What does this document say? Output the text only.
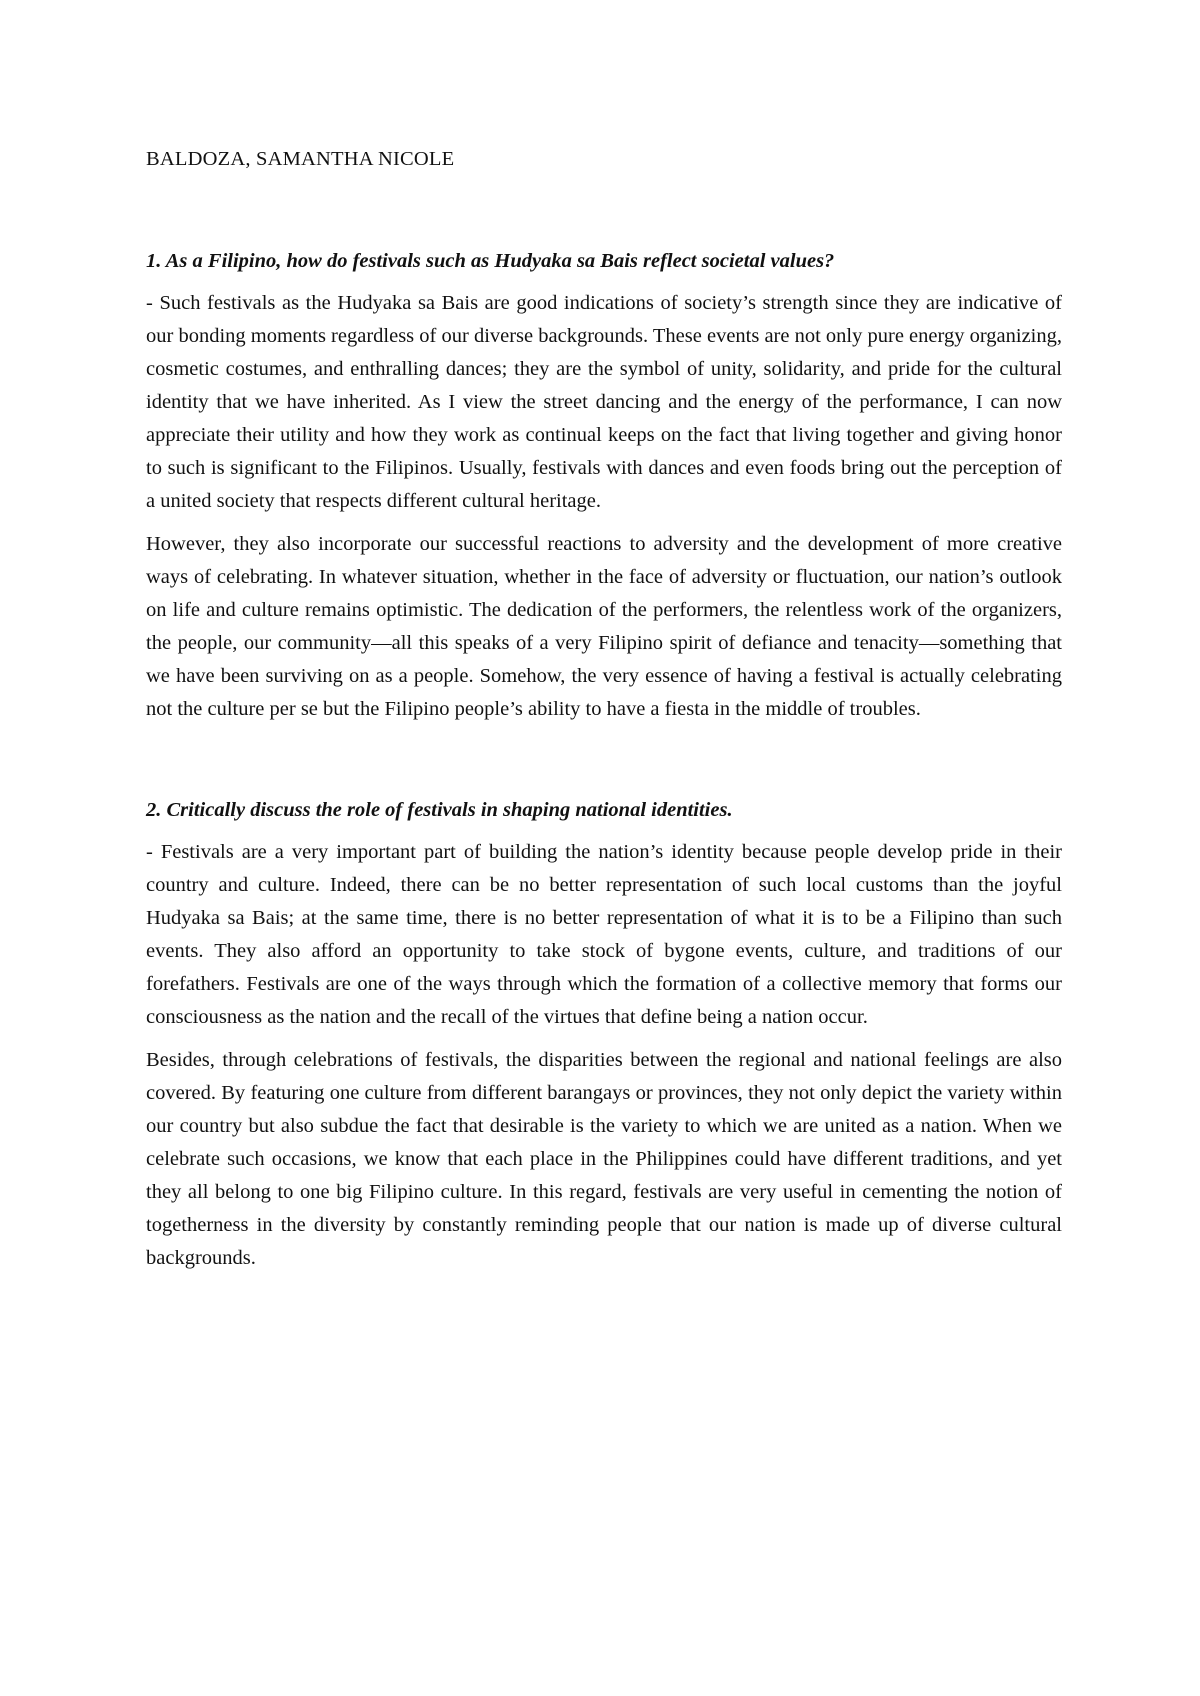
BALDOZA, SAMANTHA NICOLE

1. As a Filipino, how do festivals such as Hudyaka sa Bais reflect societal values?

- Such festivals as the Hudyaka sa Bais are good indications of society’s strength since they are indicative of our bonding moments regardless of our diverse backgrounds. These events are not only pure energy organizing, cosmetic costumes, and enthralling dances; they are the symbol of unity, solidarity, and pride for the cultural identity that we have inherited. As I view the street dancing and the energy of the performance, I can now appreciate their utility and how they work as continual keeps on the fact that living together and giving honor to such is significant to the Filipinos. Usually, festivals with dances and even foods bring out the perception of a united society that respects different cultural heritage.

However, they also incorporate our successful reactions to adversity and the development of more creative ways of celebrating. In whatever situation, whether in the face of adversity or fluctuation, our nation’s outlook on life and culture remains optimistic. The dedication of the performers, the relentless work of the organizers, the people, our community—all this speaks of a very Filipino spirit of defiance and tenacity—something that we have been surviving on as a people. Somehow, the very essence of having a festival is actually celebrating not the culture per se but the Filipino people’s ability to have a fiesta in the middle of troubles.

2. Critically discuss the role of festivals in shaping national identities.

- Festivals are a very important part of building the nation’s identity because people develop pride in their country and culture. Indeed, there can be no better representation of such local customs than the joyful Hudyaka sa Bais; at the same time, there is no better representation of what it is to be a Filipino than such events. They also afford an opportunity to take stock of bygone events, culture, and traditions of our forefathers. Festivals are one of the ways through which the formation of a collective memory that forms our consciousness as the nation and the recall of the virtues that define being a nation occur.

Besides, through celebrations of festivals, the disparities between the regional and national feelings are also covered. By featuring one culture from different barangays or provinces, they not only depict the variety within our country but also subdue the fact that desirable is the variety to which we are united as a nation. When we celebrate such occasions, we know that each place in the Philippines could have different traditions, and yet they all belong to one big Filipino culture. In this regard, festivals are very useful in cementing the notion of togetherness in the diversity by constantly reminding people that our nation is made up of diverse cultural backgrounds.
